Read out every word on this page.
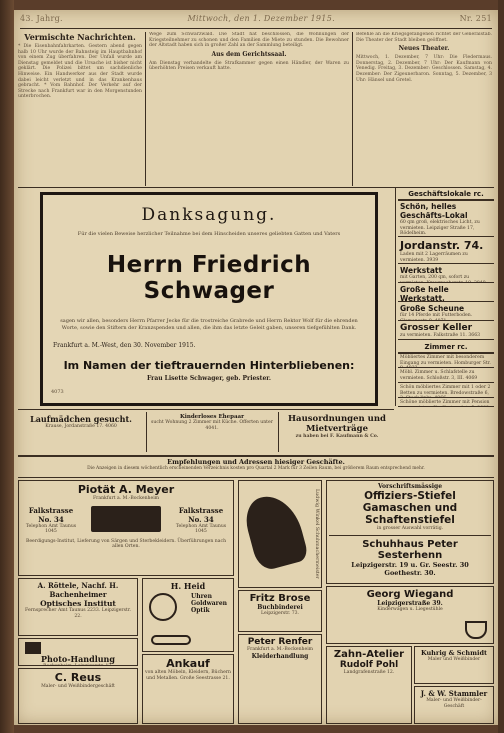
43. Jahrg.	Mittwoch, den 1. Dezember 1915.	Nr. 251
Vermischte Nachrichten.
* Die Eisenbahnfahrkarten. Gestern abend gegen halb 10 Uhr wurde der Bahnsteig im Hauptbahnhof von einem Zug überfahren. Der Unfall wurde am Dienstag gemeldet und die Ursache ist bisher nicht geklärt. Die Polizei bittet um sachdienliche Hinweise. Ein Handwerker aus der Stadt wurde dabei leicht verletzt und in das Krankenhaus gebracht. * Vom Bahnhof. Der Verkehr auf der Strecke nach Frankfurt war in den Morgenstunden unterbrochen.
Wege zum Schwarzwald. Die Stadt hat beschlossen, die Wohnungen der Kriegsteilnehmer zu schonen und den Familien die Miete zu stunden. Die Bewohner der Altstadt haben sich in großer Zahl an der Sammlung beteiligt.
Aus dem Gerichtssaal.
Am Dienstag verhandelte die Strafkammer gegen einen Händler, der Waren zu überhöhten Preisen verkauft hatte.
Befehle an die Kriegsgefangenen richtet der Generalstab. Die Theater der Stadt bleiben geöffnet.
Neues Theater.
Mittwoch, 1. Dezember, 7 Uhr: Die Fledermaus. Donnerstag, 2. Dezember, 7 Uhr: Der Kaufmann von Venedig. Freitag, 3. Dezember: Geschlossen. Samstag, 4. Dezember: Der Zigeunerbaron. Sonntag, 5. Dezember, 3 Uhr: Hänsel und Gretel.
Danksagung.
Für die vielen Beweise herzlicher Teilnahme bei dem Hinscheiden unseres geliebten Gatten und Vaters
Herrn Friedrich Schwager
sagen wir allen, besonders Herrn Pfarrer Jecke für die trostreiche Grabrede und Herrn Rektor Wolf für die ehrenden Worte, sowie den Stiftern der Kranzspenden und allen, die ihm das letzte Geleit gaben, unseren tiefgefühlten Dank.
Frankfurt a. M.-West, den 30. November 1915.
Im Namen der tieftrauernden Hinterbliebenen:
Frau Lisette Schwager, geb. Priester.
4073
Geschäftslokale rc.
Schön, helles Geschäfts-Lokal
60 qm groß, elektrisches Licht, zu vermieten. Leipziger Straße 17, Rödelheim.
Jordanstr. 74.
Laden mit 2 Lagerräumen zu vermieten. 3939
Werkstatt
mit Garten, 200 qm, sofort zu
Große helle Werkstatt,
Große Scheune
für 14 Pferde mit Futterboden.
Grosser Keller
zu vermieten. Falkstraße 11. 3663
Zimmer rc.
Möbliertes Zimmer mit besonderem Eingang zu vermieten. Homburger Str.
Möbl. Zimmer u. Schlafstelle zu vermieten. Schloßstr. 3, III. 4069
Schön möbliertes Zimmer mit 1 oder 2 Betten zu vermieten. Bredowstraße 6,
Schöne möblierte Zimmer mit Pension
Laufmädchen gesucht.
Krause, Jordanstraße 17. 4060
Kinderloses Ehepaar
sucht Wohnung 2 Zimmer mit Küche. Offerten unter 4041.
Hausordnungen und Mietverträge
zu haben bei F. Kaufmann & Co.
Empfehlungen und Adressen hiesiger Geschäfte.
Die Anzeigen in diesem wöchentlich erscheinenden Verzeichnis kosten pro Quartal 2 Mark für 3 Zeilen Raum, bei größerem Raum entsprechend mehr.
Piotät A. Meyer
Frankfurt a. M.-Bockenheim
Falkstrasse No. 34
Telephon Amt Taunus 1045
Falkstrasse No. 34
Telephon Amt Taunus 1045
Beerdigungs-Institut, Lieferung von Särgen und Sterbekleidern. Überführungen nach allen Orten.	Ludwig Winkel Schuhmachermeister
Vorschriftsmässige
Offiziers-Stiefel
Gamaschen und
Schaftenstiefel
in grosser Auswahl vorrätig.
Schuhhaus Peter Sesterhenn
Leipzigerstr. 19 u. Gr. Seestr. 30
Goethestr. 30.
A. Röttele, Nachf. H. Bachenheimer
Optisches Institut
Fernsprecher Amt Taunus 2233. Leipzigerstr. 22.
H. Heid
Uhren
Goldwaren
Optik
Photo-Handlung
C. Reus
Maler- und Weißbindergeschäft
Ankauf
von alten Möbeln, Kleidern, Büchern und Metallen. Große Seestrasse 21.
Fritz Brose
Buchbinderei
Leipzigerstr. 73.
Peter Renfer
Frankfurt a. M.-Bockenheim
Kleiderhandlung
Georg Wiegand
Leipzigerstraße 39.
Kinderwagen u. Liegestühle
Zahn-Atelier
Rudolf Pohl
Landgrafenstraße 12.
Kuhrig & Schmidt
Maler und Weißbinder
J. & W. Stammler
Maler- und Weißbinder-Geschäft
